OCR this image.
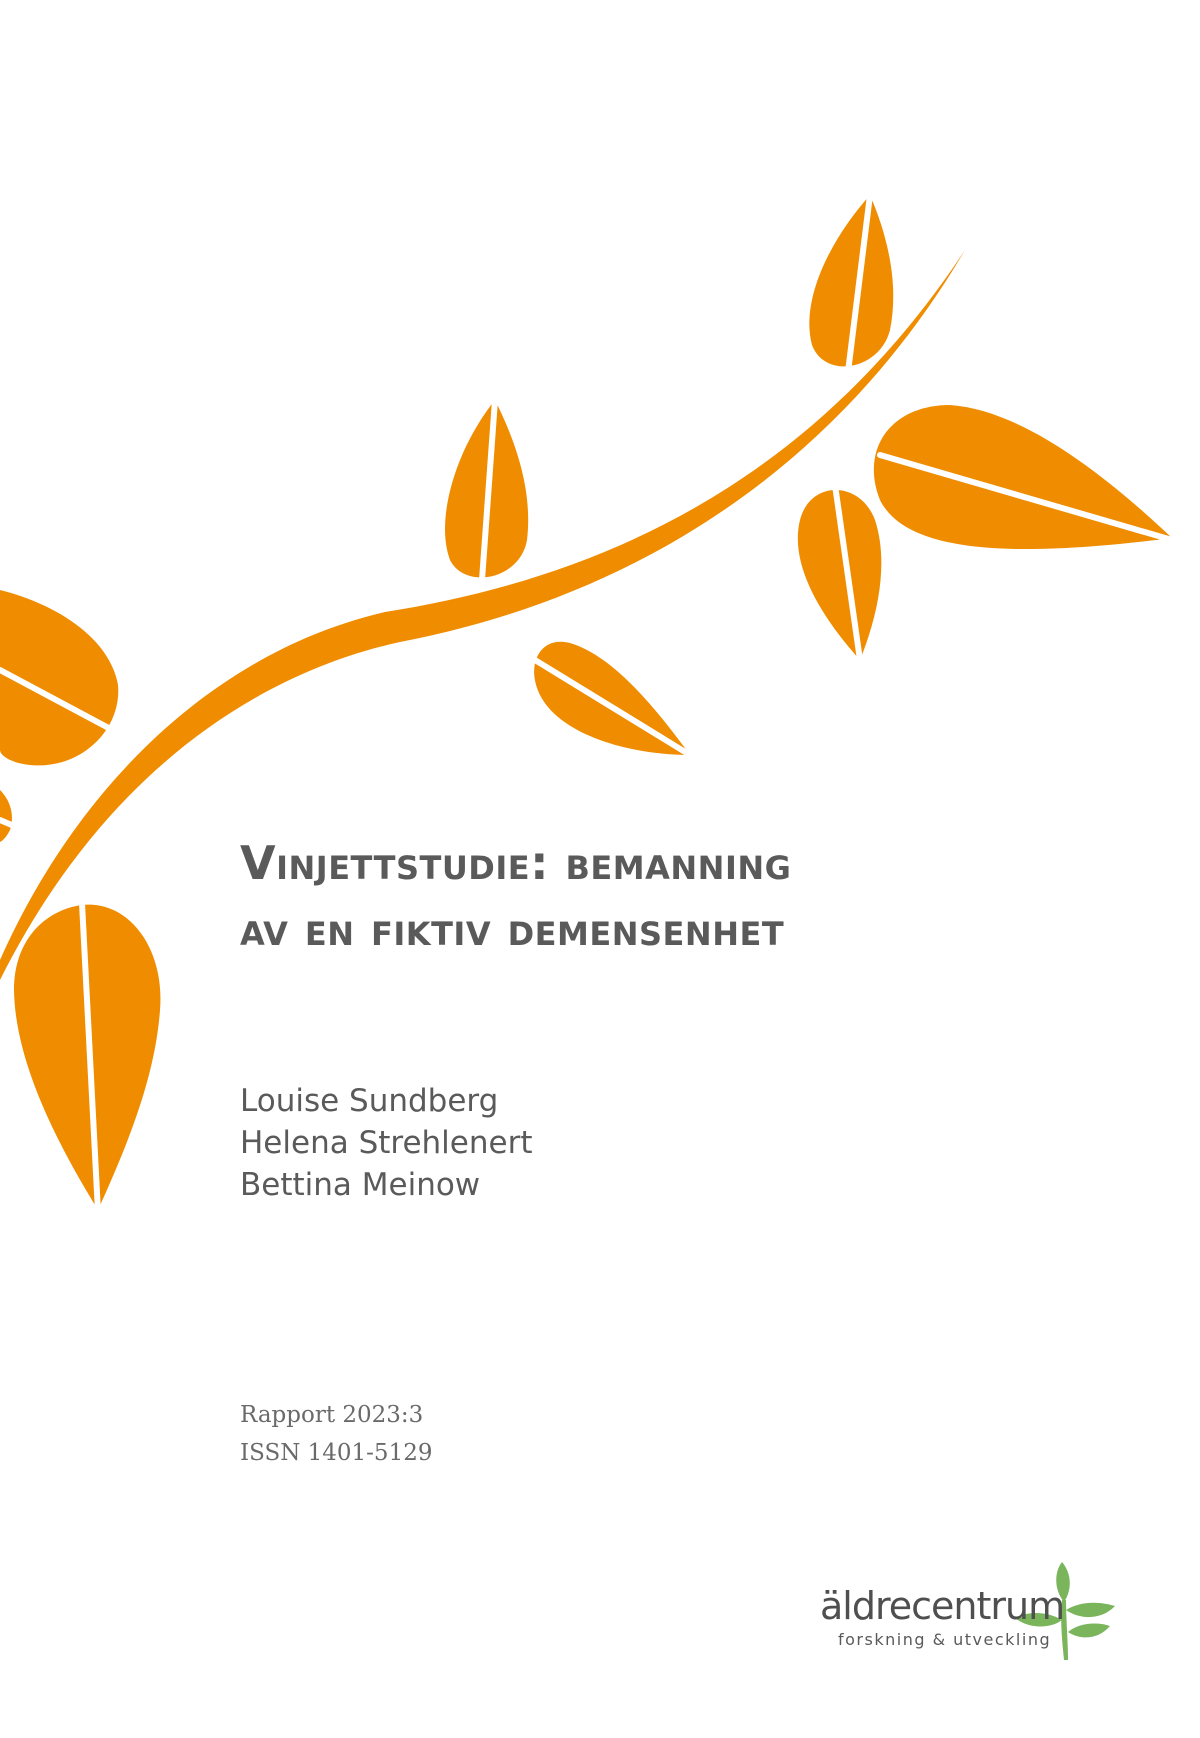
Vinjettstudie: bemanning
av en fiktiv demensenhet
Louise Sundberg
Helena Strehlenert
Bettina Meinow
Rapport 2023:3
ISSN 1401-5129
äldrecentrum
forskning & utveckling
